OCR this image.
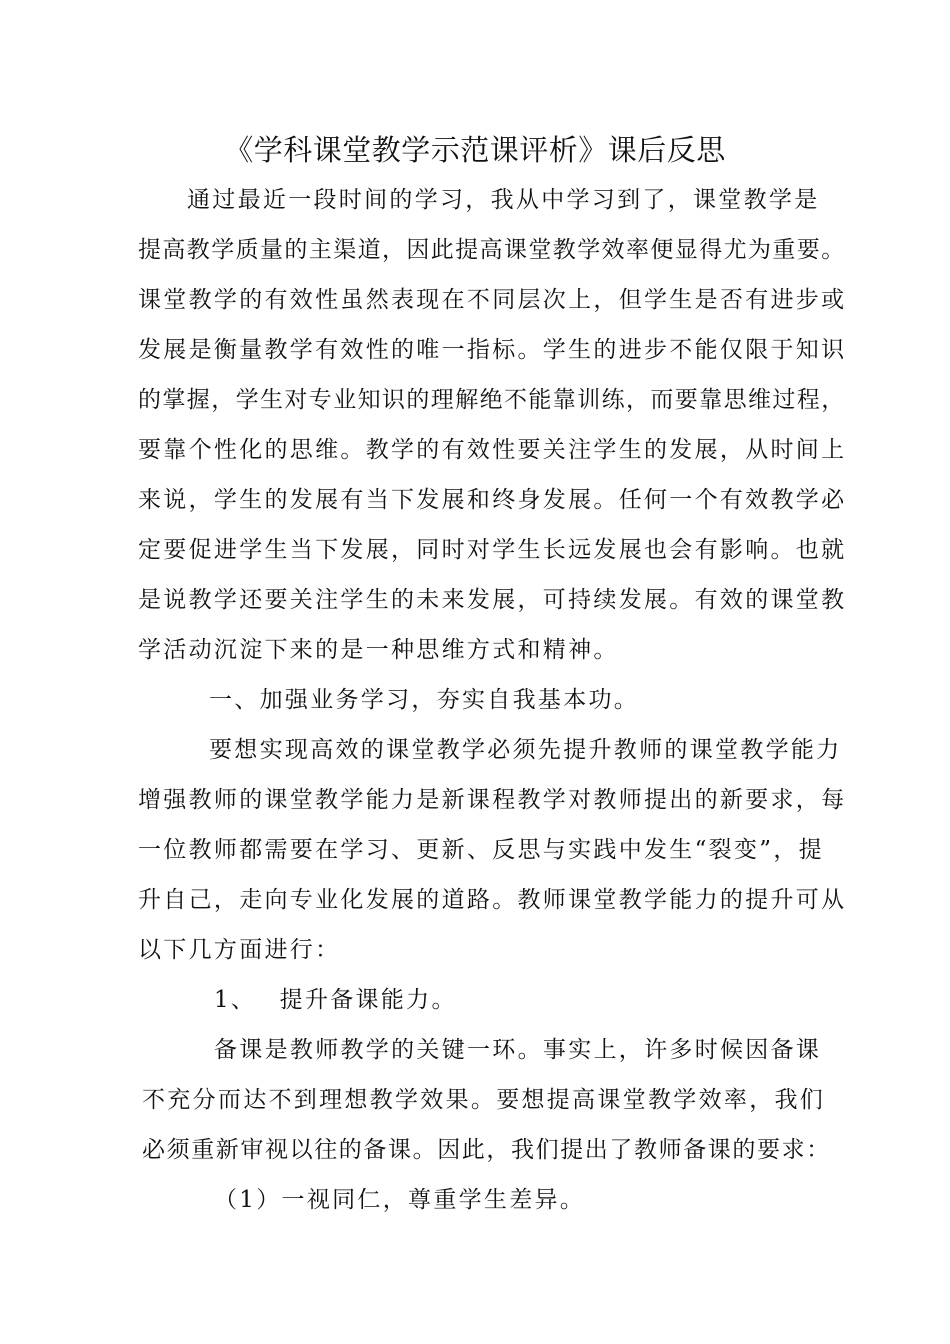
《学科课堂教学示范课评析》课后反思
通过最近一段时间的学习，我从中学习到了，课堂教学是
提高教学质量的主渠道，因此提高课堂教学效率便显得尤为重要。
课堂教学的有效性虽然表现在不同层次上，但学生是否有进步或
发展是衡量教学有效性的唯一指标。学生的进步不能仅限于知识
的掌握，学生对专业知识的理解绝不能靠训练，而要靠思维过程，
要靠个性化的思维。教学的有效性要关注学生的发展，从时间上
来说，学生的发展有当下发展和终身发展。任何一个有效教学必
定要促进学生当下发展，同时对学生长远发展也会有影响。也就
是说教学还要关注学生的未来发展，可持续发展。有效的课堂教
学活动沉淀下来的是一种思维方式和精神。
一、加强业务学习，夯实自我基本功。
要想实现高效的课堂教学必须先提升教师的课堂教学能力
增强教师的课堂教学能力是新课程教学对教师提出的新要求，每
一位教师都需要在学习、更新、反思与实践中发生“裂变”，提
升自己，走向专业化发展的道路。教师课堂教学能力的提升可从
以下几方面进行：
1、　 提升备课能力。
备课是教师教学的关键一环。事实上，许多时候因备课
不充分而达不到理想教学效果。要想提高课堂教学效率，我们
必须重新审视以往的备课。因此，我们提出了教师备课的要求：
（1）一视同仁，尊重学生差异。
